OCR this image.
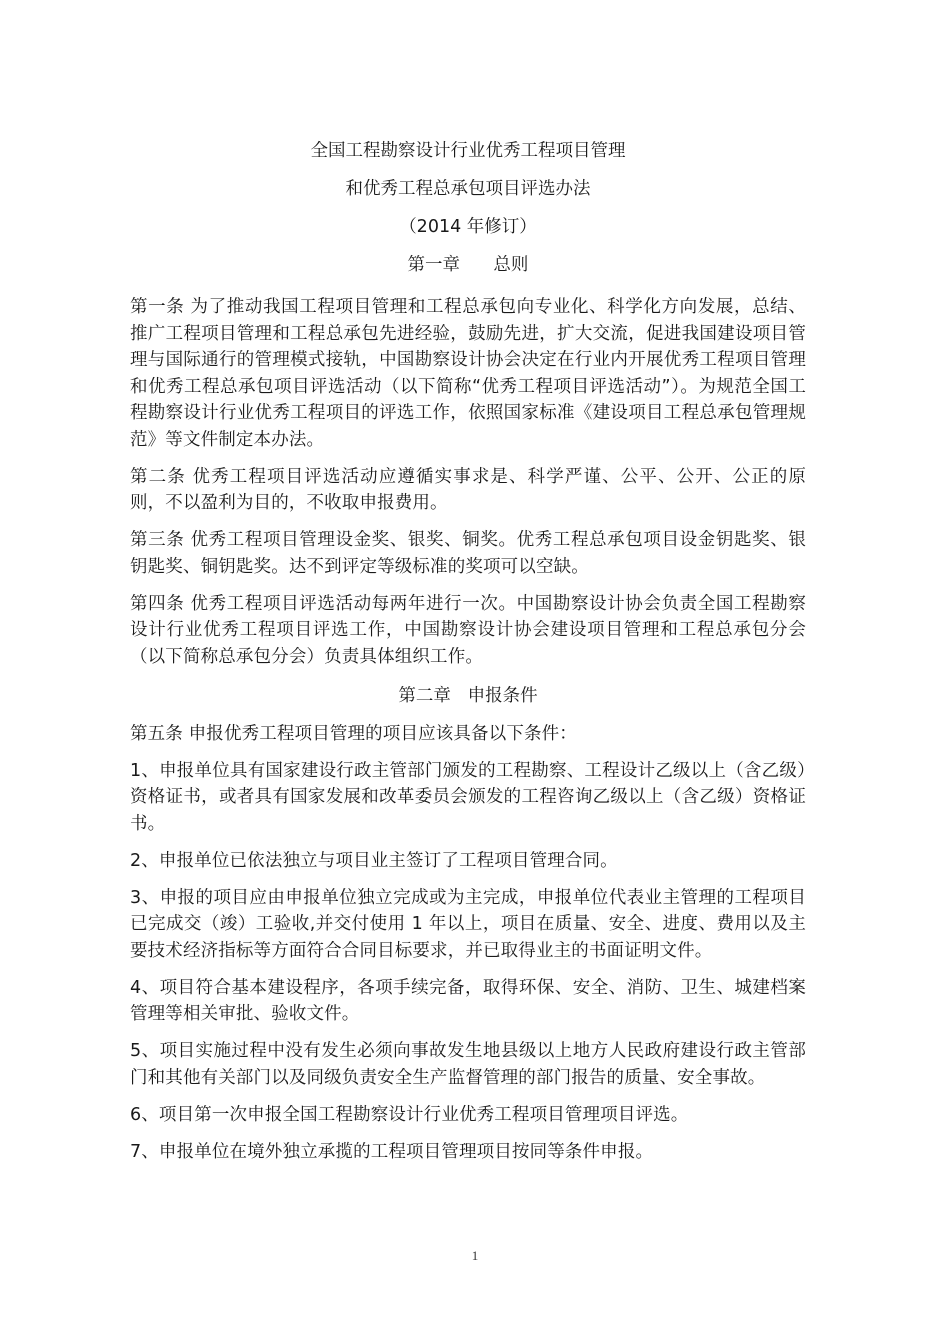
全国工程勘察设计行业优秀工程项目管理
和优秀工程总承包项目评选办法
（2014 年修订）
第一章      总则

第一条 为了推动我国工程项目管理和工程总承包向专业化、科学化方向发展，总结、推广工程项目管理和工程总承包先进经验，鼓励先进，扩大交流，促进我国建设项目管理与国际通行的管理模式接轨，中国勘察设计协会决定在行业内开展优秀工程项目管理和优秀工程总承包项目评选活动（以下简称“优秀工程项目评选活动”）。为规范全国工程勘察设计行业优秀工程项目的评选工作，依照国家标准《建设项目工程总承包管理规范》等文件制定本办法。

第二条 优秀工程项目评选活动应遵循实事求是、科学严谨、公平、公开、公正的原则，不以盈利为目的，不收取申报费用。

第三条 优秀工程项目管理设金奖、银奖、铜奖。优秀工程总承包项目设金钥匙奖、银钥匙奖、铜钥匙奖。达不到评定等级标准的奖项可以空缺。

第四条 优秀工程项目评选活动每两年进行一次。中国勘察设计协会负责全国工程勘察设计行业优秀工程项目评选工作，中国勘察设计协会建设项目管理和工程总承包分会（以下简称总承包分会）负责具体组织工作。

第二章   申报条件

第五条 申报优秀工程项目管理的项目应该具备以下条件：

1、申报单位具有国家建设行政主管部门颁发的工程勘察、工程设计乙级以上（含乙级）资格证书，或者具有国家发展和改革委员会颁发的工程咨询乙级以上（含乙级）资格证书。

2、申报单位已依法独立与项目业主签订了工程项目管理合同。

3、申报的项目应由申报单位独立完成或为主完成，申报单位代表业主管理的工程项目已完成交（竣）工验收,并交付使用 1 年以上，项目在质量、安全、进度、费用以及主要技术经济指标等方面符合合同目标要求，并已取得业主的书面证明文件。

4、项目符合基本建设程序，各项手续完备，取得环保、安全、消防、卫生、城建档案管理等相关审批、验收文件。

5、项目实施过程中没有发生必须向事故发生地县级以上地方人民政府建设行政主管部门和其他有关部门以及同级负责安全生产监督管理的部门报告的质量、安全事故。

6、项目第一次申报全国工程勘察设计行业优秀工程项目管理项目评选。

7、申报单位在境外独立承揽的工程项目管理项目按同等条件申报。

1
